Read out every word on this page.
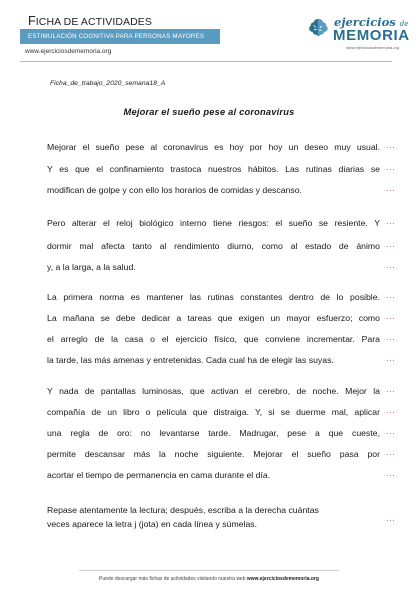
FICHA DE ACTIVIDADES
ESTIMULACIÓN COGNITIVA PARA PERSONAS MAYORES
www.ejerciciosdememoria.org
ejercicios de
MEMORIA
www.ejerciciosdememoria.org
Ficha_de_trabajo_2020_semana18_A
Mejorar el sueño pese al coronavirus
Mejorar el sueño pese al coronavirus es hoy por hoy un deseo muy usual. ...
Y es que el confinamiento trastoca nuestros hábitos. Las rutinas diarias se ...
modifican de golpe y con ello los horarios de comidas y descanso.	...
Pero alterar el reloj biológico interno tiene riesgos: el sueño se resiente. Y ...
dormir mal afecta tanto al rendimiento diurno, como al estado de ánimo ...
y, a la larga, a la salud.	...
La primera norma es mantener las rutinas constantes dentro de lo posible. ...
La mañana se debe dedicar a tareas que exigen un mayor esfuerzo; como ...
el arreglo de la casa o el ejercicio físico, que conviene incrementar. Para ...
la tarde, las más amenas y entretenidas. Cada cual ha de elegir las suyas.	...
Y nada de pantallas luminosas, que activan el cerebro, de noche. Mejor la ...
compañía de un libro o película que distraiga. Y, si se duerme mal, aplicar ...
una regla de oro: no levantarse tarde. Madrugar, pese a que cueste, ...
permite descansar más la noche siguiente. Mejorar el sueño pasa por ...
acortar el tiempo de permanencia en cama durante el día.	...
Repase atentamente la lectura; después, escriba a la derecha cuántas
veces aparece la letra j (jota) en cada línea y súmelas.
...
Puede descargar más fichas de actividades visitando nuestra web www.ejerciciosdememoria.org
